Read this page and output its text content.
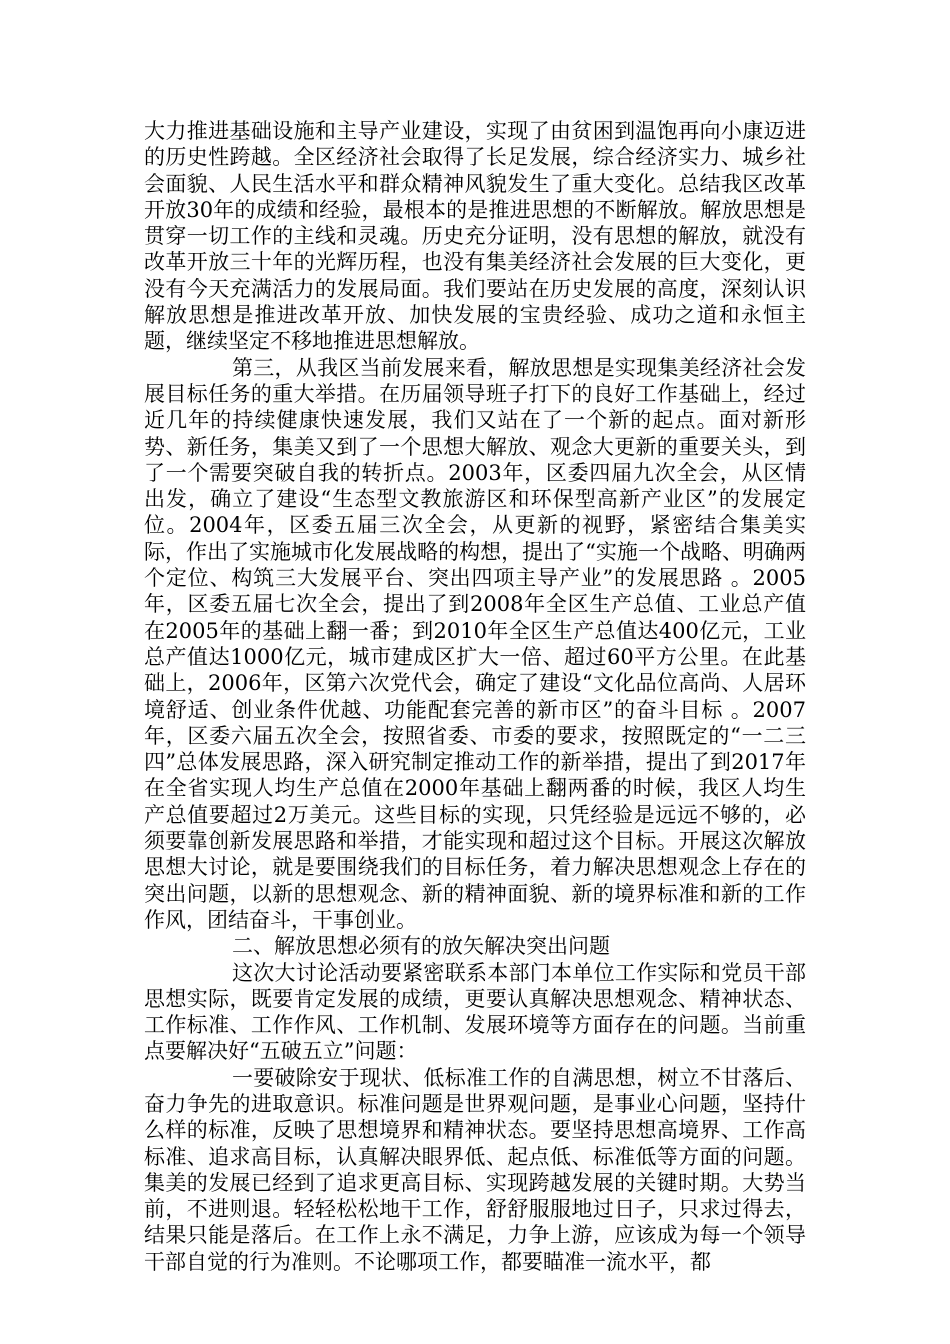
大力推进基础设施和主导产业建设，实现了由贫困到温饱再向小康迈进的历史性跨越。全区经济社会取得了长足发展，综合经济实力、城乡社会面貌、人民生活水平和群众精神风貌发生了重大变化。总结我区改革开放30年的成绩和经验，最根本的是推进思想的不断解放。解放思想是贯穿一切工作的主线和灵魂。历史充分证明，没有思想的解放，就没有改革开放三十年的光辉历程，也没有集美经济社会发展的巨大变化，更没有今天充满活力的发展局面。我们要站在历史发展的高度，深刻认识解放思想是推进改革开放、加快发展的宝贵经验、成功之道和永恒主题，继续坚定不移地推进思想解放。

第三，从我区当前发展来看，解放思想是实现集美经济社会发展目标任务的重大举措。在历届领导班子打下的良好工作基础上，经过近几年的持续健康快速发展，我们又站在了一个新的起点。面对新形势、新任务，集美又到了一个思想大解放、观念大更新的重要关头，到了一个需要突破自我的转折点。2003年，区委四届九次全会，从区情出发，确立了建设“生态型文教旅游区和环保型高新产业区”的发展定位。2004年，区委五届三次全会，从更新的视野，紧密结合集美实际，作出了实施城市化发展战略的构想，提出了“实施一个战略、明确两个定位、构筑三大发展平台、突出四项主导产业”的发展思路 。2005年，区委五届七次全会，提出了到2008年全区生产总值、工业总产值在2005年的基础上翻一番；到2010年全区生产总值达400亿元，工业总产值达1000亿元，城市建成区扩大一倍、超过60平方公里。在此基础上，2006年，区第六次党代会，确定了建设“文化品位高尚、人居环境舒适、创业条件优越、功能配套完善的新市区”的奋斗目标 。2007年，区委六届五次全会，按照省委、市委的要求，按照既定的“一二三四”总体发展思路，深入研究制定推动工作的新举措，提出了到2017年在全省实现人均生产总值在2000年基础上翻两番的时候，我区人均生产总值要超过2万美元。这些目标的实现，只凭经验是远远不够的，必须要靠创新发展思路和举措，才能实现和超过这个目标。开展这次解放思想大讨论，就是要围绕我们的目标任务，着力解决思想观念上存在的突出问题，以新的思想观念、新的精神面貌、新的境界标准和新的工作作风，团结奋斗，干事创业。

二、解放思想必须有的放矢解决突出问题

这次大讨论活动要紧密联系本部门本单位工作实际和党员干部思想实际，既要肯定发展的成绩，更要认真解决思想观念、精神状态、工作标准、工作作风、工作机制、发展环境等方面存在的问题。当前重点要解决好“五破五立”问题：

一要破除安于现状、低标准工作的自满思想，树立不甘落后、奋力争先的进取意识。标准问题是世界观问题，是事业心问题，坚持什么样的标准，反映了思想境界和精神状态。要坚持思想高境界、工作高标准、追求高目标，认真解决眼界低、起点低、标准低等方面的问题。集美的发展已经到了追求更高目标、实现跨越发展的关键时期。大势当前，不进则退。轻轻松松地干工作，舒舒服服地过日子，只求过得去，结果只能是落后。在工作上永不满足，力争上游，应该成为每一个领导干部自觉的行为准则。不论哪项工作，都要瞄准一流水平，都
